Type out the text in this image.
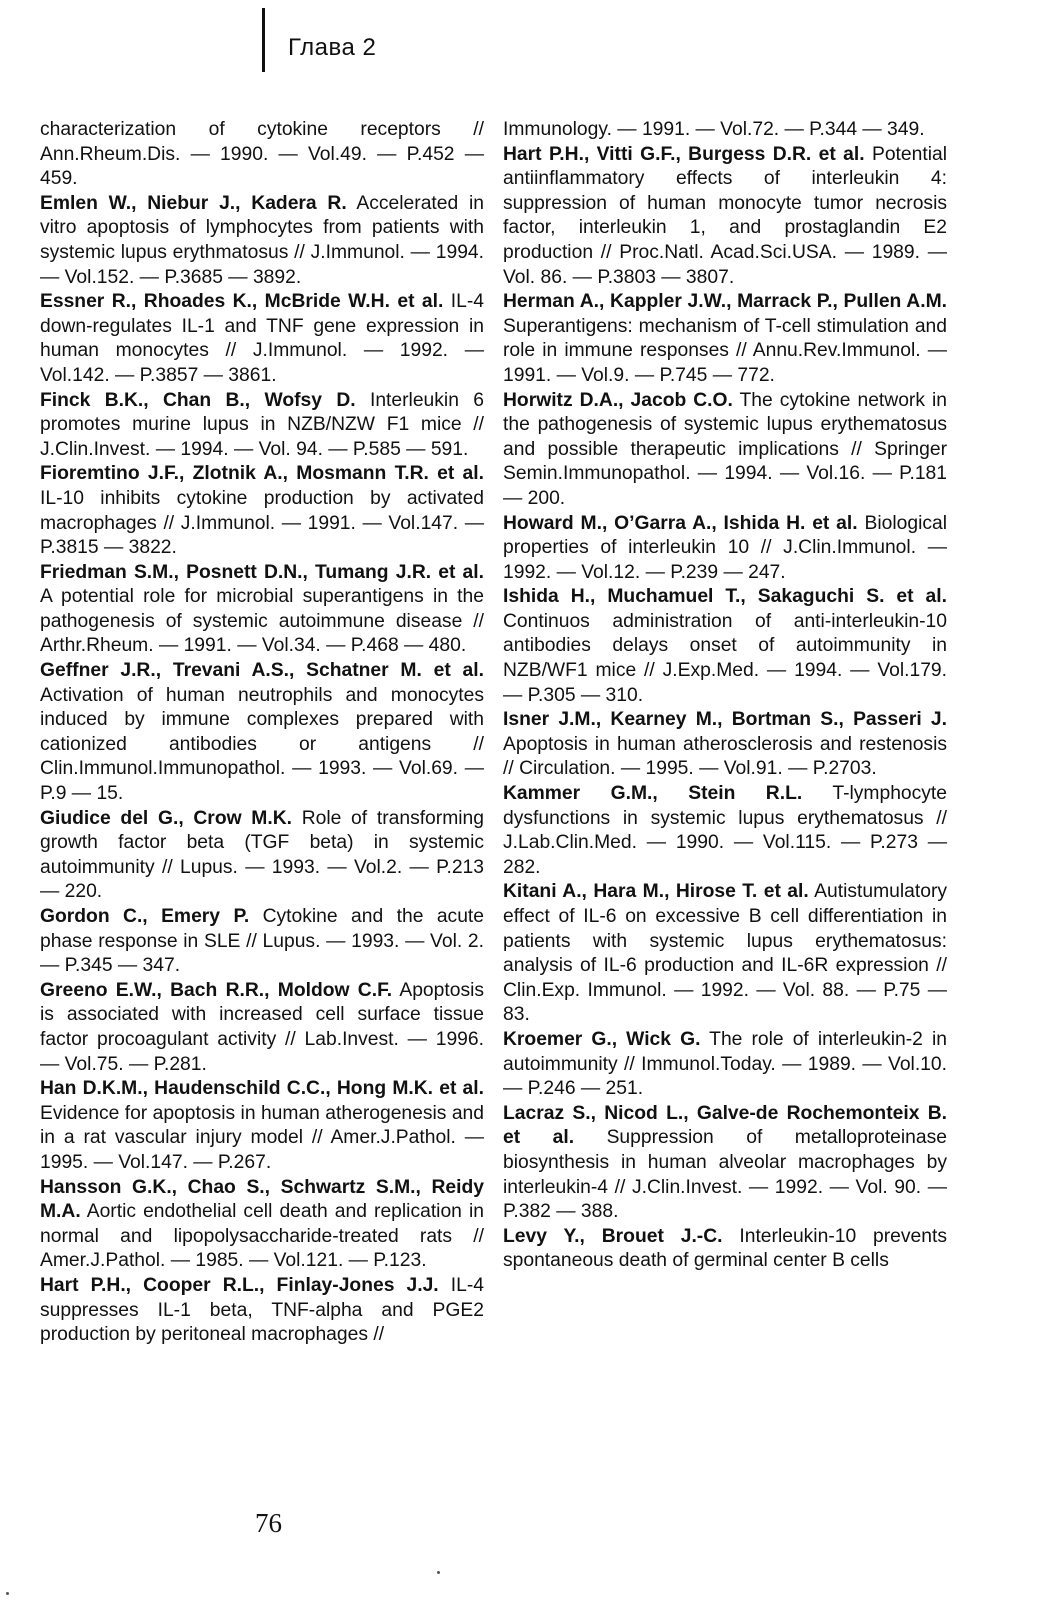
Глава 2
characterization of cytokine receptors // Ann.Rheum.Dis. — 1990. — Vol.49. — P.452 — 459.
Emlen W., Niebur J., Kadera R. Accelerated in vitro apoptosis of lymphocytes from patients with systemic lupus erythmatosus // J.Immunol. — 1994. — Vol.152. — P.3685 — 3892.
Essner R., Rhoades K., McBride W.H. et al. IL-4 down-regulates IL-1 and TNF gene expression in human monocytes // J.Immunol. — 1992. — Vol.142. — P.3857 — 3861.
Finck B.K., Chan B., Wofsy D. Interleukin 6 promotes murine lupus in NZB/NZW F1 mice // J.Clin.Invest. — 1994. — Vol. 94. — P.585 — 591.
Fioremtino J.F., Zlotnik A., Mosmann T.R. et al. IL-10 inhibits cytokine production by activated macrophages // J.Immunol. — 1991. — Vol.147. — P.3815 — 3822.
Friedman S.M., Posnett D.N., Tumang J.R. et al. A potential role for microbial superantigens in the pathogenesis of systemic autoimmune disease // Arthr.Rheum. — 1991. — Vol.34. — P.468 — 480.
Geffner J.R., Trevani A.S., Schatner M. et al. Activation of human neutrophils and monocytes induced by immune complexes prepared with cationized antibodies or antigens // Clin.Immunol.Immunopathol. — 1993. — Vol.69. — P.9 — 15.
Giudice del G., Crow M.K. Role of transforming growth factor beta (TGF beta) in systemic autoimmunity // Lupus. — 1993. — Vol.2. — P.213 — 220.
Gordon C., Emery P. Cytokine and the acute phase response in SLE // Lupus. — 1993. — Vol. 2. — P.345 — 347.
Greeno E.W., Bach R.R., Moldow C.F. Apoptosis is associated with increased cell surface tissue factor procoagulant activity // Lab.Invest. — 1996. — Vol.75. — P.281.
Han D.K.M., Haudenschild C.C., Hong M.K. et al. Evidence for apoptosis in human atherogenesis and in a rat vascular injury model // Amer.J.Pathol. — 1995. — Vol.147. — P.267.
Hansson G.K., Chao S., Schwartz S.M., Reidy M.A. Aortic endothelial cell death and replication in normal and lipopolysaccharide-treated rats // Amer.J.Pathol. — 1985. — Vol.121. — P.123.
Hart P.H., Cooper R.L., Finlay-Jones J.J. IL-4 suppresses IL-1 beta, TNF-alpha and PGE2 production by peritoneal macrophages //
Immunology. — 1991. — Vol.72. — P.344 — 349.
Hart P.H., Vitti G.F., Burgess D.R. et al. Potential antiinflammatory effects of interleukin 4: suppression of human monocyte tumor necrosis factor, interleukin 1, and prostaglandin E2 production // Proc.Natl. Acad.Sci.USA. — 1989. — Vol. 86. — P.3803 — 3807.
Herman A., Kappler J.W., Marrack P., Pullen A.M. Superantigens: mechanism of T-cell stimulation and role in immune responses // Annu.Rev.Immunol. — 1991. — Vol.9. — P.745 — 772.
Horwitz D.A., Jacob C.O. The cytokine network in the pathogenesis of systemic lupus erythematosus and possible therapeutic implications // Springer Semin.Immunopathol. — 1994. — Vol.16. — P.181 — 200.
Howard M., O’Garra A., Ishida H. et al. Biological properties of interleukin 10 // J.Clin.Immunol. — 1992. — Vol.12. — P.239 — 247.
Ishida H., Muchamuel T., Sakaguchi S. et al. Continuos administration of anti-interleukin-10 antibodies delays onset of autoimmunity in NZB/WF1 mice // J.Exp.Med. — 1994. — Vol.179. — P.305 — 310.
Isner J.M., Kearney M., Bortman S., Passeri J. Apoptosis in human atherosclerosis and restenosis // Circulation. — 1995. — Vol.91. — P.2703.
Kammer G.M., Stein R.L. T-lymphocyte dysfunctions in systemic lupus erythematosus // J.Lab.Clin.Med. — 1990. — Vol.115. — P.273 — 282.
Kitani A., Hara M., Hirose T. et al. Autistumulatory effect of IL-6 on excessive B cell differentiation in patients with systemic lupus erythematosus: analysis of IL-6 production and IL-6R expression // Clin.Exp. Immunol. — 1992. — Vol. 88. — P.75 — 83.
Kroemer G., Wick G. The role of interleukin-2 in autoimmunity // Immunol.Today. — 1989. — Vol.10. — P.246 — 251.
Lacraz S., Nicod L., Galve-de Rochemonteix B. et al. Suppression of metalloproteinase biosynthesis in human alveolar macrophages by interleukin-4 // J.Clin.Invest. — 1992. — Vol. 90. — P.382 — 388.
Levy Y., Brouet J.-C. Interleukin-10 prevents spontaneous death of germinal center B cells
76
